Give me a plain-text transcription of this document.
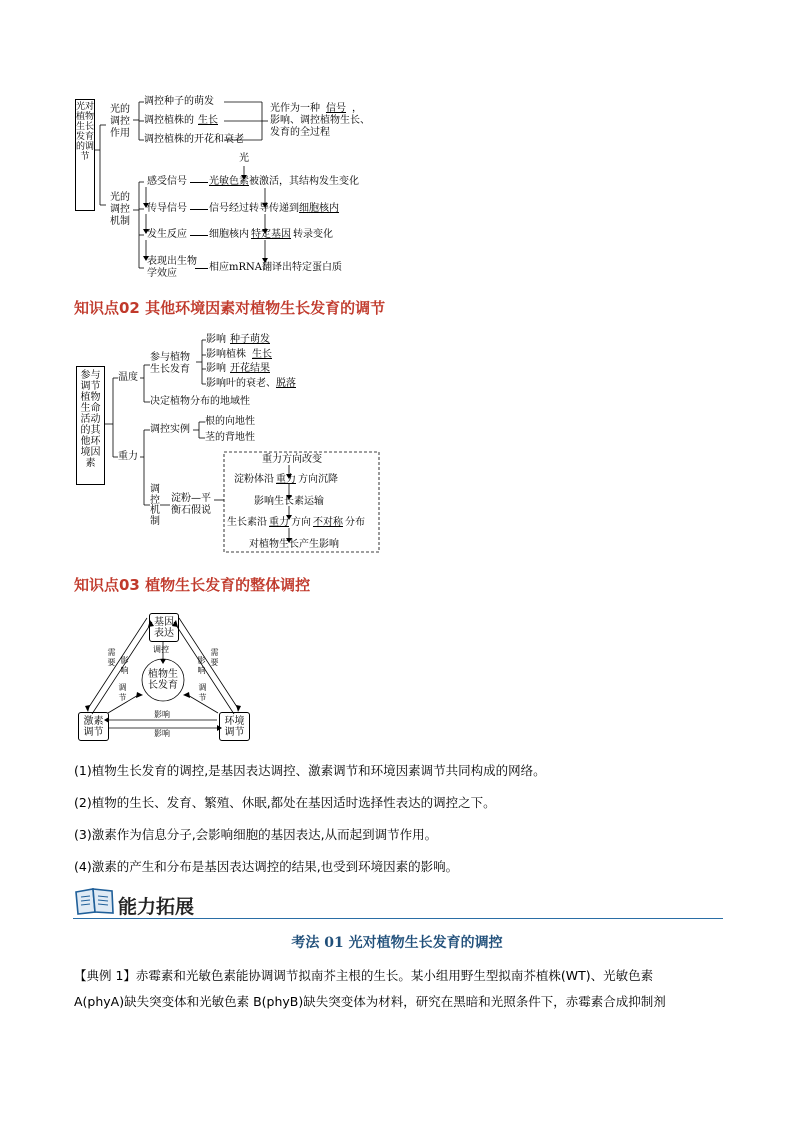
光对植物生长发育的调节
光的调控作用
调控种子的萌发
调控植株的 生长
调控植株的开花和衰老
光作为一种 信号 ，
影响、调控植物生长、
发育的全过程
光
光的调控机制
感受信号
传导信号
发生反应
表现出生物学效应
光敏色素被激活，其结构发生变化
信号经过转导传递到细胞核内
细胞核内 特定基因 转录变化
相应mRNA翻译出特定蛋白质
知识点02 其他环境因素对植物生长发育的调节
参与调节植物生命活动的其他环境因素
温度
参与植物生长发育
影响 种子萌发
影响植株 生长
影响 开花结果
影响叶的衰老、脱落
决定植物分布的地域性
重力
调控实例
根的向地性
茎的背地性
调控机制
淀粉—平衡石假说
重力方向改变
淀粉体沿 重力 方向沉降
影响生长素运输
生长素沿 重力 方向 不对称 分布
对植物生长产生影响
知识点03 植物生长发育的整体调控
基因表达
植物生长发育
激素调节
环境调节
调控
调节
调节
需要 影响
需要
影响
影响
影响
(1)植物生长发育的调控,是基因表达调控、激素调节和环境因素调节共同构成的网络。
(2)植物的生长、发育、繁殖、休眠,都处在基因适时选择性表达的调控之下。
(3)激素作为信息分子,会影响细胞的基因表达,从而起到调节作用。
(4)激素的产生和分布是基因表达调控的结果,也受到环境因素的影响。
能力拓展
考法 01 光对植物生长发育的调控
【典例 1】赤霉素和光敏色素能协调调节拟南芥主根的生长。某小组用野生型拟南芥植株(WT)、光敏色素
A(phyA)缺失突变体和光敏色素 B(phyB)缺失突变体为材料，研究在黑暗和光照条件下，赤霉素合成抑制剂
